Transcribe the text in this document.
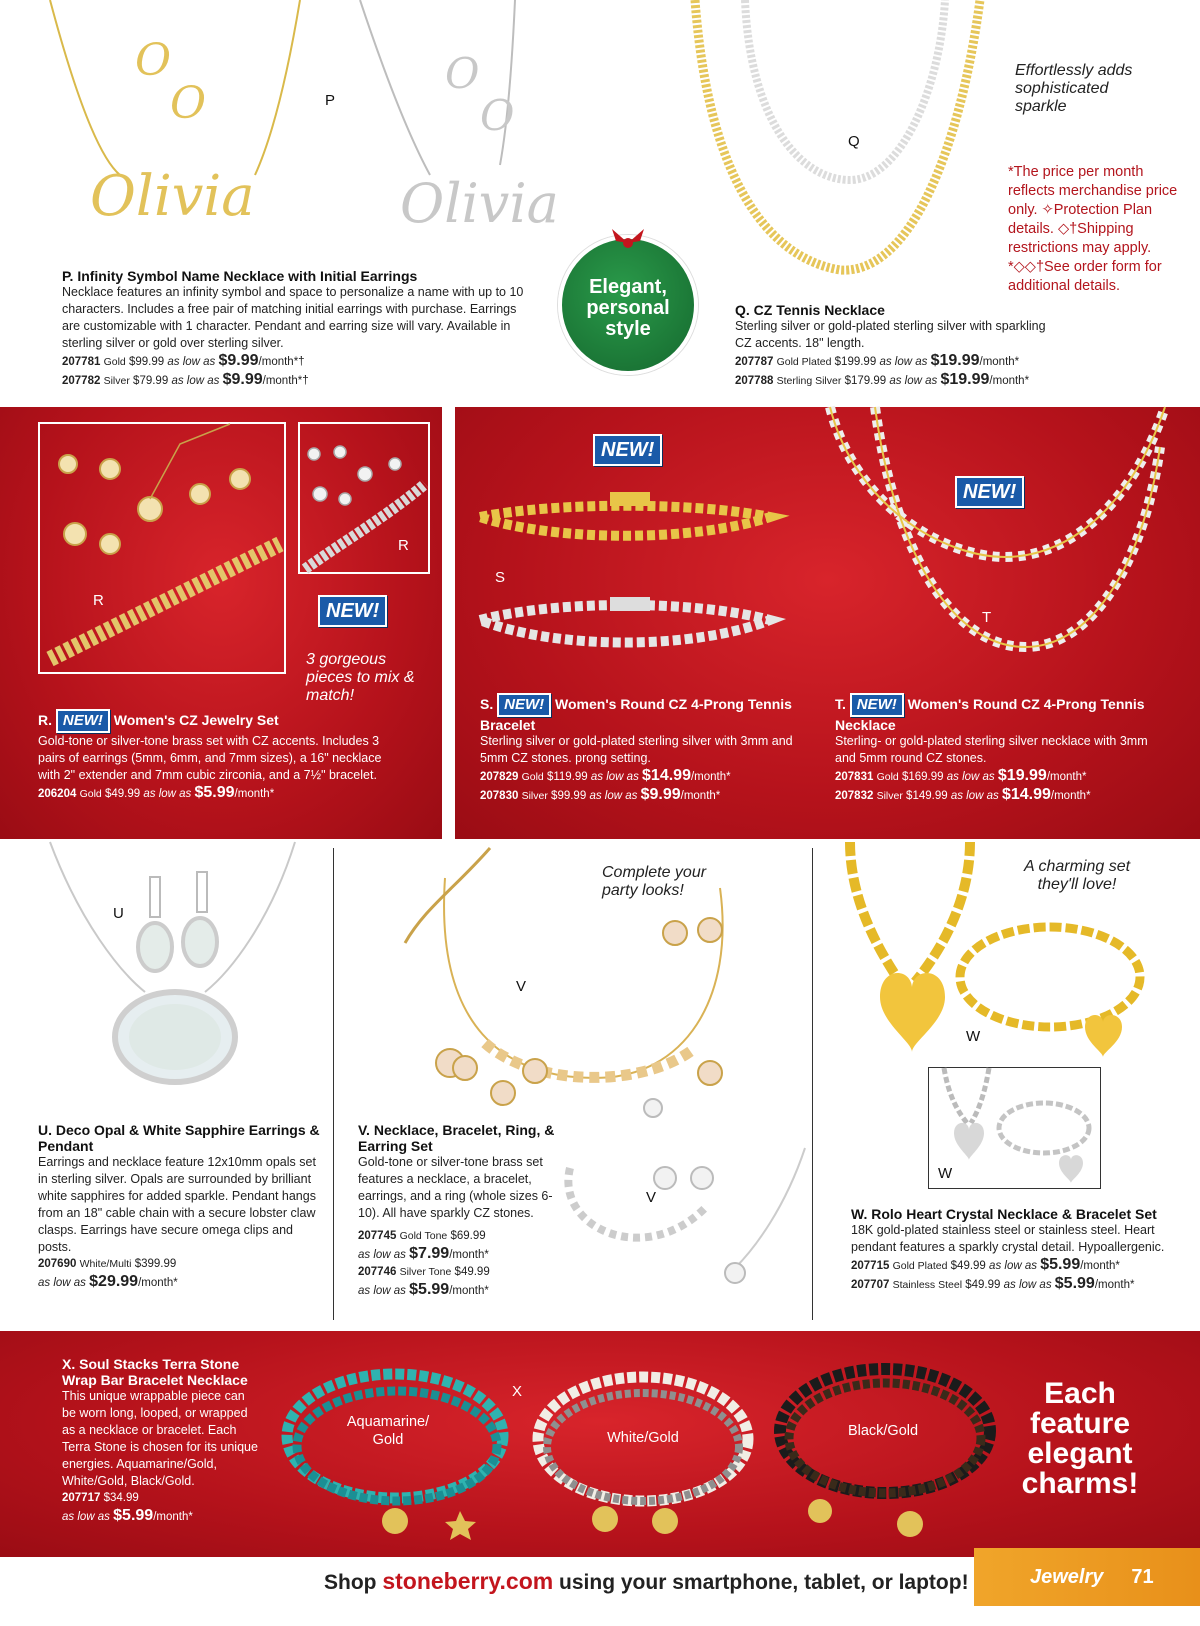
Olivia
O
O
Olivia
O
O
P
Q
Effortlessly adds sophisticated sparkle
*The price per month reflects merchandise price only. ✧Protection Plan details. ◇†Shipping restrictions may apply. *◇◇†See order form for additional details.
Elegant, personal style
P. Infinity Symbol Name Necklace with Initial Earrings
Necklace features an infinity symbol and space to personalize a name with up to 10 characters. Includes a free pair of matching initial earrings with purchase. Earrings are customizable with 1 character. Pendant and earring size will vary. Available in sterling silver or gold over sterling silver.
207781 Gold $99.99 as low as $9.99/month*†
207782 Silver $79.99 as low as $9.99/month*†
Q. CZ Tennis Necklace
Sterling silver or gold-plated sterling silver with sparkling CZ accents. 18" length.
207787 Gold Plated $199.99 as low as $19.99/month*
207788 Sterling Silver $179.99 as low as $19.99/month*
R
R
NEW!
3 gorgeous pieces to mix & match!
R. NEW! Women's CZ Jewelry Set
Gold-tone or silver-tone brass set with CZ accents. Includes 3 pairs of earrings (5mm, 6mm, and 7mm sizes), a 16" necklace with 2" extender and 7mm cubic zirconia, and a 7½" bracelet.
206204 Gold $49.99 as low as $5.99/month*
NEW!
S
NEW!
T
S. NEW! Women's Round CZ 4-Prong Tennis Bracelet
Sterling silver or gold-plated sterling silver with 3mm and 5mm CZ stones. prong setting.
207829 Gold $119.99 as low as $14.99/month*
207830 Silver $99.99 as low as $9.99/month*
T. NEW! Women's Round CZ 4-Prong Tennis Necklace
Sterling- or gold-plated sterling silver necklace with 3mm and 5mm round CZ stones.
207831 Gold $169.99 as low as $19.99/month*
207832 Silver $149.99 as low as $14.99/month*
U
U. Deco Opal & White Sapphire Earrings & Pendant
Earrings and necklace feature 12x10mm opals set in sterling silver. Opals are surrounded by brilliant white sapphires for added sparkle. Pendant hangs from an 18" cable chain with a secure lobster claw clasps. Earrings have secure omega clips and posts.
207690 White/Multi $399.99
as low as $29.99/month*
Complete your party looks!
V
V
V. Necklace, Bracelet, Ring, & Earring Set
Gold-tone or silver-tone brass set features a necklace, a bracelet, earrings, and a ring (whole sizes 6-10). All have sparkly CZ stones.
207745 Gold Tone $69.99
as low as $7.99/month*
207746 Silver Tone $49.99
as low as $5.99/month*
A charming set they'll love!
W
W
W. Rolo Heart Crystal Necklace & Bracelet Set
18K gold-plated stainless steel or stainless steel. Heart pendant features a sparkly crystal detail. Hypoallergenic.
207715 Gold Plated $49.99 as low as $5.99/month*
207707 Stainless Steel $49.99 as low as $5.99/month*
X. Soul Stacks Terra Stone Wrap Bar Bracelet Necklace
This unique wrappable piece can be worn long, looped, or wrapped as a necklace or bracelet. Each Terra Stone is chosen for its unique energies. Aquamarine/Gold, White/Gold, Black/Gold.
207717 $34.99
as low as $5.99/month*
Aquamarine/ Gold
X
White/Gold	Black/Gold
Each feature elegant charms!
Shop stoneberry.com using your smartphone, tablet, or laptop!	Jewelry 71
